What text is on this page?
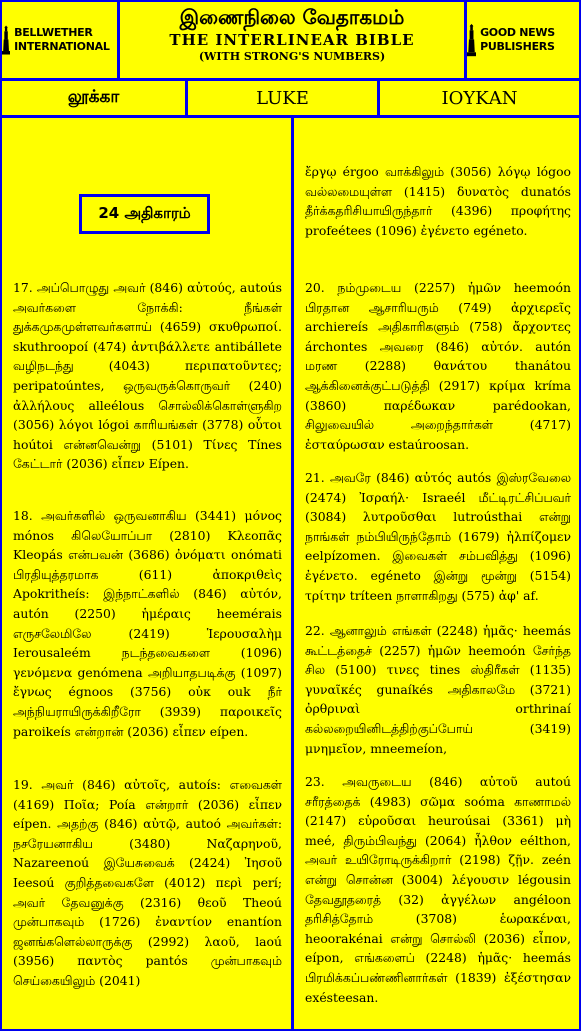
BELLWETHER INTERNATIONAL
இணைநிலை வேதாகமம்
THE INTERLINEAR BIBLE
(WITH STRONG'S NUMBERS)
GOOD NEWS PUBLISHERS
லூக்கா	LUKE	ΙΟΥΚΑΝ
24 அதிகாரம்

17. அப்பொழுது அவர் (846) αὐτούς, autoús அவர்களை நோக்கி: நீங்கள் துக்கமுகமுள்ளவர்களாய் (4659) σκυθρωποί. skuthroopoí (474) ἀντιβάλλετε antibállete வழிநடந்து (4043) περιπατοῦντες; peripatoúntes, ஒருவருக்கொருவர் (240) ἀλλήλους alleélous சொல்லிக்கொள்ளுகிற (3056) λόγοι lógoi காரியங்கள் (3778) οὗτοι hoútoi என்னவென்று (5101) Τίνες Tínes கேட்டார் (2036) εἶπεν Eípen.

18. அவர்களில் ஒருவனாகிய (3441) μόνος mónos கிலெயோப்பா (2810) Κλεοπᾶς Kleopás என்பவன் (3686) ὀνόματι onómati பிரதியுத்தரமாக (611) ἀποκριθεὶς Apokritheís: இந்நாட்களில் (846) αὐτόν, autón (2250) ἡμέραις heemérais எருசலேமிலே (2419) Ἱερουσαλὴμ Ierousaleém நடந்தவைகளை (1096) γενόμενα genómena அறியாதபடிக்கு (1097) ἔγνως égnoos (3756) οὐκ ouk நீர் அந்நியராயிருக்கிறீரோ (3939) παροικεῖς paroikeís என்றான் (2036) εἶπεν eípen.

19. அவர் (846) αὐτοῖς, autoís: எவைகள் (4169) Ποῖα; Poía என்றார் (2036) εἶπεν eípen. அதற்கு (846) αὐτῷ, autoó அவர்கள்: நசரேயனாகிய (3480) Ναζαρηνοῦ, Nazareenoú இயேசுவைக் (2424) Ἰησοῦ Ieesoú குறித்தவைகளே (4012) περὶ perí; அவர் தேவனுக்கு (2316) θεοῦ Theoú முன்பாகவும் (1726) ἐναντίον enantíon ஜனங்களெல்லாருக்கு (2992) λαοῦ, laoú (3956) παντὸς pantós முன்பாகவும் செய்கையிலும் (2041)

ἔργῳ érgoo வாக்கிலும் (3056) λόγῳ lógoo வல்லமையுள்ள (1415) δυνατὸς dunatós தீர்க்கதரிசியாயிருந்தார் (4396) προφήτης profeétees (1096) ἐγένετο egéneto.

20. நம்முடைய (2257) ἡμῶν heemoón பிரதான ஆசாரியரும் (749) ἀρχιερεῖς archiereís அதிகாரிகளும் (758) ἄρχοντες árchontes அவரை (846) αὐτόν. autón மரண (2288) θανάτου thanátou ஆக்கினைக்குட்படுத்தி (2917) κρίμα kríma (3860) παρέδωκαν parédookan, சிலுவையில் அறைந்தார்கள் (4717) ἐσταύρωσαν estaúroosan.

21. அவரே (846) αὐτός autós இஸ்ரவேலை (2474) Ἰσραήλ· Israeél மீட்டிரட்சிப்பவர் (3084) λυτροῦσθαι lutroústhai என்று நாங்கள் நம்பியிருந்தோம் (1679) ἠλπίζομεν eelpízomen. இவைகள் சம்பவித்து (1096) ἐγένετο. egéneto இன்று மூன்று (5154) τρίτην tríteen நாளாகிறது (575) ἀφ' af.

22. ஆனாலும் எங்கள் (2248) ἡμᾶς· heemás கூட்டத்தைச் (2257) ἡμῶν heemoón சேர்ந்த சில (5100) τινες tines ஸ்திரீகள் (1135) γυναῖκές gunaíkés அதிகாலமே (3721) ὀρθριναὶ orthrinaí கல்லறையினிடத்திற்குப்போய் (3419) μνημεῖον, mneemeíon,

23. அவருடைய (846) αὐτοῦ autoú சரீரத்தைக் (4983) σῶμα soóma காணாமல் (2147) εὑροῦσαι heuroúsai (3361) μὴ meé, திரும்பிவந்து (2064) ἦλθον eélthon, அவர் உயிரோடிருக்கிறார் (2198) ζῇν. zeén என்று சொன்ன (3004) λέγουσιν légousin தேவதூதரைத் (32) ἀγγέλων angéloon தரிசித்தோம் (3708) ἑωρακέναι, heoorakénai என்று சொல்லி (2036) εἶπον, eípon, எங்களைப் (2248) ἡμᾶς· heemás பிரமிக்கப்பண்ணினார்கள் (1839) ἐξέστησαν exésteesan.
